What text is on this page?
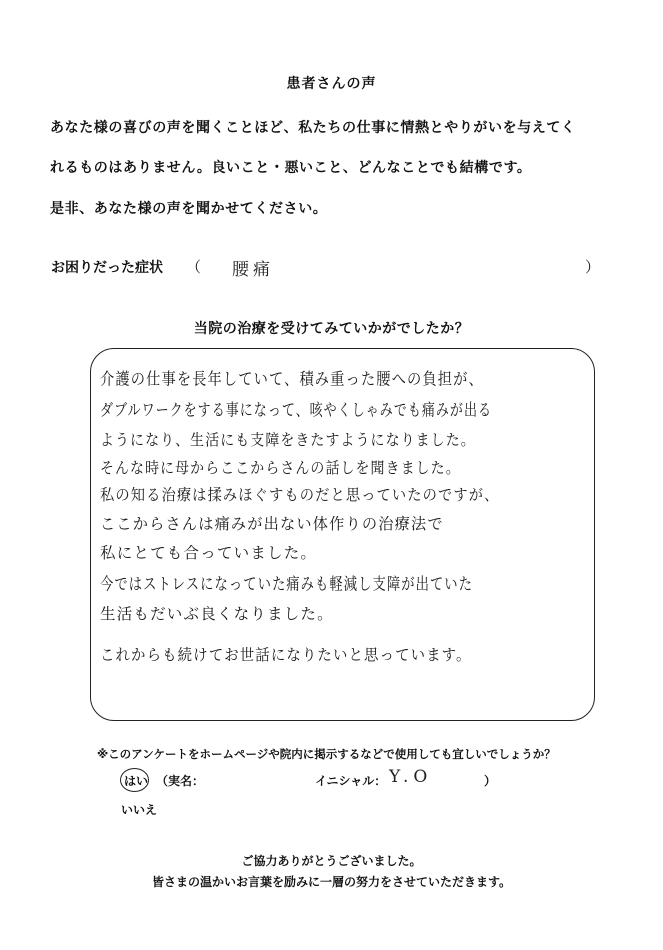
患者さんの声
あなた様の喜びの声を聞くことほど、私たちの仕事に情熱とやりがいを与えてく
れるものはありません。良いこと・悪いこと、どんなことでも結構です。
是非、あなた様の声を聞かせてください。
お困りだった症状 （ 腰痛	）
当院の治療を受けてみていかがでしたか？
介護の仕事を長年していて、積み重った腰への負担が、
ダブルワークをする事になって、咳やくしゃみでも痛みが出る
ようになり、生活にも支障をきたすようになりました。
そんな時に母からここからさんの話しを聞きました。
私の知る治療は揉みほぐすものだと思っていたのですが、
ここからさんは痛みが出ない体作りの治療法で
私にとても合っていました。
今ではストレスになっていた痛みも軽減し支障が出ていた
生活もだいぶ良くなりました。
これからも続けてお世話になりたいと思っています。
※このアンケートをホームページや院内に掲示するなどで使用しても宜しいでしょうか？
はい （実名：	イニシャル： Y.O	）
いいえ
ご協力ありがとうございました。
皆さまの温かいお言葉を励みに一層の努力をさせていただきます。
